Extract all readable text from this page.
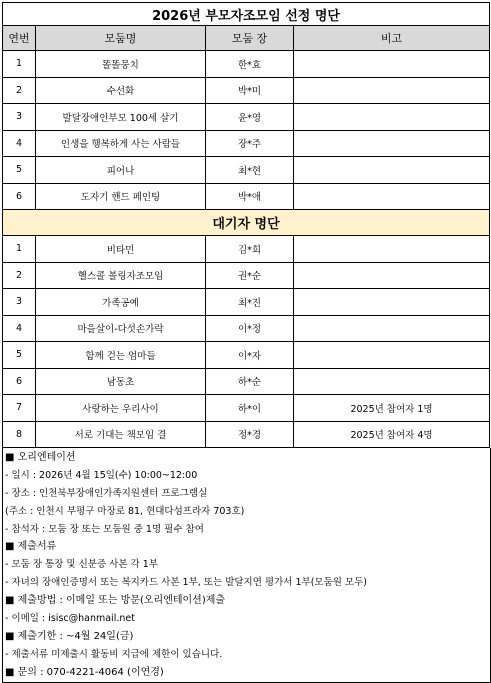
2026년 부모자조모임 선정 명단			
연번	모둠명	모둠 장	비고
1	똘똘뭉치	한*효	
2	수선화	박*미	
3	발달장애인부모 100세 살기	윤*영	
4	인생을 행복하게 사는 사람들	장*주	
5	피어나	최*현	
6	도자기 핸드 페인팅	박*애	
대기자 명단			
1	비타민	김*희	
2	헬스콜 볼링자조모임	권*순	
3	가족공예	최*진	
4	마을살이-다섯손가락	이*정	
5	함께 걷는 엄마들	이*자	
6	남동초	하*순	
7	사랑하는 우리사이	하*이	2025년 참여자 1명
8	서로 기대는 책모임 결	정*경	2025년 참여자 4명
■ 오리엔테이션
- 일시 : 2026년 4월 15일(수) 10:00~12:00
- 장소 : 인천북부장애인가족지원센터 프로그램실
(주소 : 인천시 부평구 마장로 81, 현대다섬프라자 703호)
- 참석자 : 모둠 장 또는 모둠원 중 1명 필수 참여
■ 제출서류
- 모둠 장 통장 및 신분증 사본 각 1부
- 자녀의 장애인증명서 또는 복지카드 사본 1부, 또는 발달지연 평가서 1부(모둠원 모두)
■ 제출방법 : 이메일 또는 방문(오리엔테이션)제출
- 이메일 : isisc@hanmail.net
■ 제출기한 : ~4월 24일(금)
- 제출서류 미제출시 활동비 지급에 제한이 있습니다.
■ 문의 : 070-4221-4064 (이연경)
